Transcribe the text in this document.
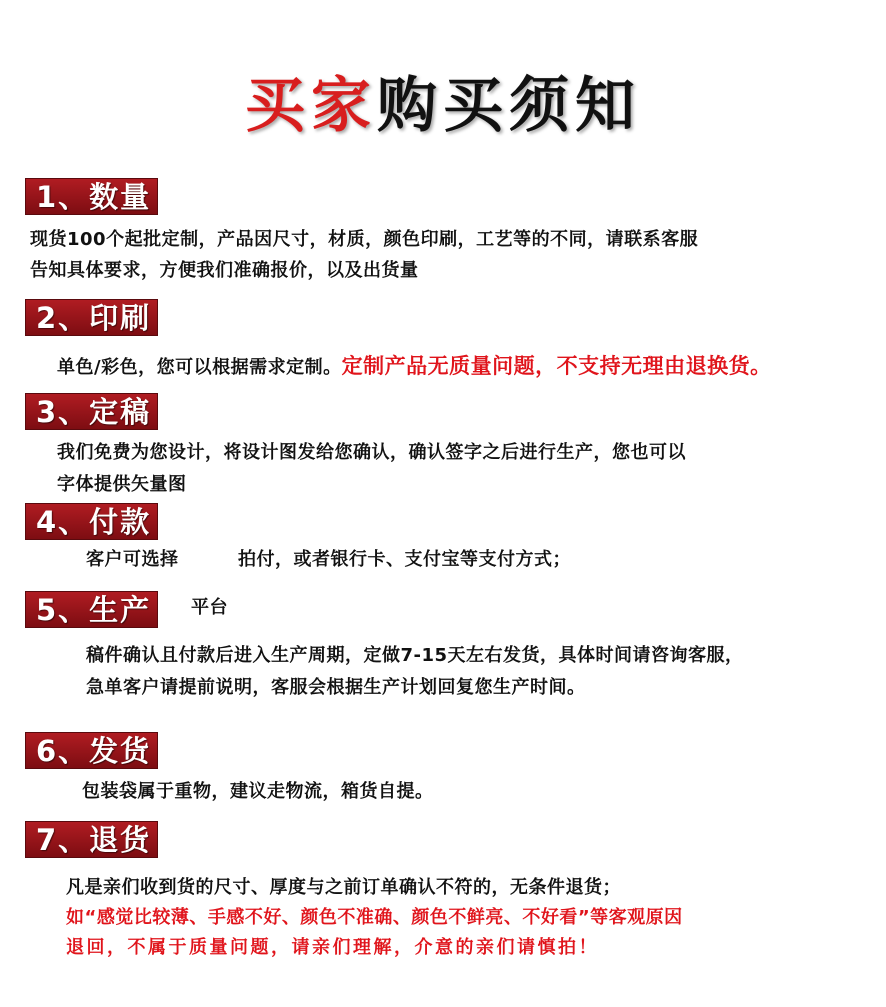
买家购买须知
1、数量
现货100个起批定制，产品因尺寸，材质，颜色印刷，工艺等的不同，请联系客服
告知具体要求，方便我们准确报价，以及出货量
2、印刷
单色/彩色，您可以根据需求定制。定制产品无质量问题，不支持无理由退换货。
3、定稿
我们免费为您设计，将设计图发给您确认，确认签字之后进行生产，您也可以
字体提供矢量图
4、付款
客户可选择	拍付，或者银行卡、支付宝等支付方式；
5、生产	平台
稿件确认且付款后进入生产周期，定做7-15天左右发货，具体时间请咨询客服，
急单客户请提前说明，客服会根据生产计划回复您生产时间。
6、发货
包装袋属于重物，建议走物流，箱货自提。
7、退货
凡是亲们收到货的尺寸、厚度与之前订单确认不符的，无条件退货；
如“感觉比较薄、手感不好、颜色不准确、颜色不鲜亮、不好看”等客观原因
退回，不属于质量问题，请亲们理解，介意的亲们请慎拍！
